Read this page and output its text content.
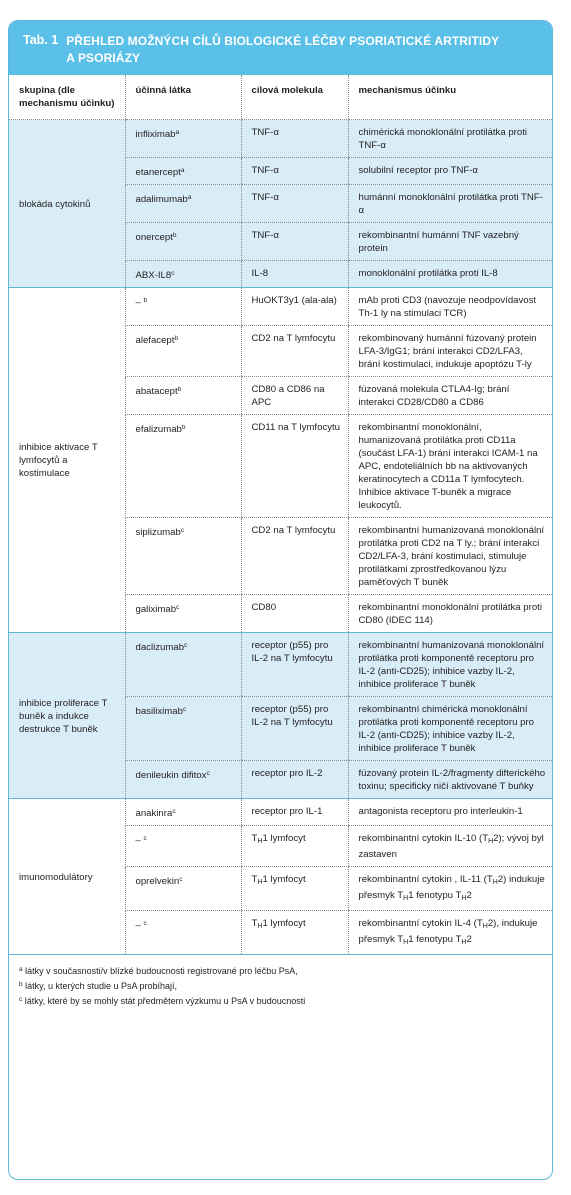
Tab. 1 PŘEHLED MOŽNÝCH CÍLŮ BIOLOGICKÉ LÉČBY PSORIATICKÉ ARTRITIDY
A PSORIÁZY
skupina (dle mechanismu účinku)	účinná látka	cílová molekula	mechanismus účinku
blokáda cytokinů	infliximab$^a$	TNF-α	chimérická monoklonální protilátka proti TNF-α
	etanercept$^a$	TNF-α	solubilní receptor pro TNF-α
	adalimumab$^a$	TNF-α	humánní monoklonální protilátka proti TNF-α
	onercept$^b$	TNF-α	rekombinantní humánní TNF vazebný protein
	ABX-IL8$^c$	IL-8	monoklonální protilátka proti IL-8
inhibice aktivace T lymfocytů a kostimulace	– $^b$	HuOKT3y1 (ala-ala)	mAb proti CD3 (navozuje neodpovídavost Th-1 ly na stimulaci TCR)
	alefacept$^b$	CD2 na T lymfocytu	rekombinovaný humánní fúzovaný protein LFA-3/IgG1; brání interakci CD2/LFA3, brání kostimulaci, indukuje apoptózu T-ly
	abatacept$^b$	CD80 a CD86 na APC	fúzovaná molekula CTLA4-Ig; brání interakci CD28/CD80 a CD86
	efalizumab$^b$	CD11 na T lymfocytu	rekombinantní monoklonální, humanizovaná protilátka proti CD11a (součást LFA-1) brání interakci ICAM-1 na APC, endoteliálních bb na aktivovaných keratinocytech a CD11a T lymfocytech. Inhibice aktivace T-buněk a migrace leukocytů.
	siplizumab$^c$	CD2 na T lymfocytu	rekombinantní humanizovaná monoklonální protilátka proti CD2 na T ly.; brání interakci CD2/LFA-3, brání kostimulaci, stimuluje protilátkami zprostředkovanou lýzu paměťových T buněk
	galiximab$^c$	CD80	rekombinantní monoklonální protilátka proti CD80 (IDEC 114)
inhibice proliferace T buněk a indukce destrukce T buněk	daclizumab$^c$	receptor (p55) pro IL-2 na T lymfocytu	rekombinantní humanizovaná monoklonální protilátka proti komponentě receptoru pro IL-2 (anti-CD25); inhibice vazby IL-2, inhibice proliferace T buněk
	basiliximab$^c$	receptor (p55) pro IL-2 na T lymfocytu	rekombinantní chimérická monoklonální protilátka proti komponentě receptoru pro IL-2 (anti-CD25); inhibice vazby IL-2, inhibice proliferace T buněk
	denileukin difitox$^c$	receptor pro IL-2	fúzovaný protein IL-2/fragmenty difterického toxinu; specificky ničí aktivované T buňky
imunomodulátory	anakinra$^c$	receptor pro IL-1	antagonista receptoru pro interleukin-1
	– $^c$	$T_H1$ lymfocyt	rekombinantní cytokin IL-10 $(T_H2)$; vývoj byl zastaven
	oprelvekin$^c$	$T_H1$ lymfocyt	rekombinantní cytokin , IL-11 $(T_H2)$ indukuje přesmyk $T_H1$ fenotypu $T_H2$
	– $^c$	$T_H1$ lymfocyt	rekombinantní cytokin IL-4 $(T_H2)$, indukuje přesmyk $T_H1$ fenotypu $T_H2$
$^a$ látky v současnosti/v blízké budoucnosti registrované pro léčbu PsA,
$^b$ látky, u kterých studie u PsA probíhají,
$^c$ látky, které by se mohly stát předmětem výzkumu u PsA v budoucnosti
